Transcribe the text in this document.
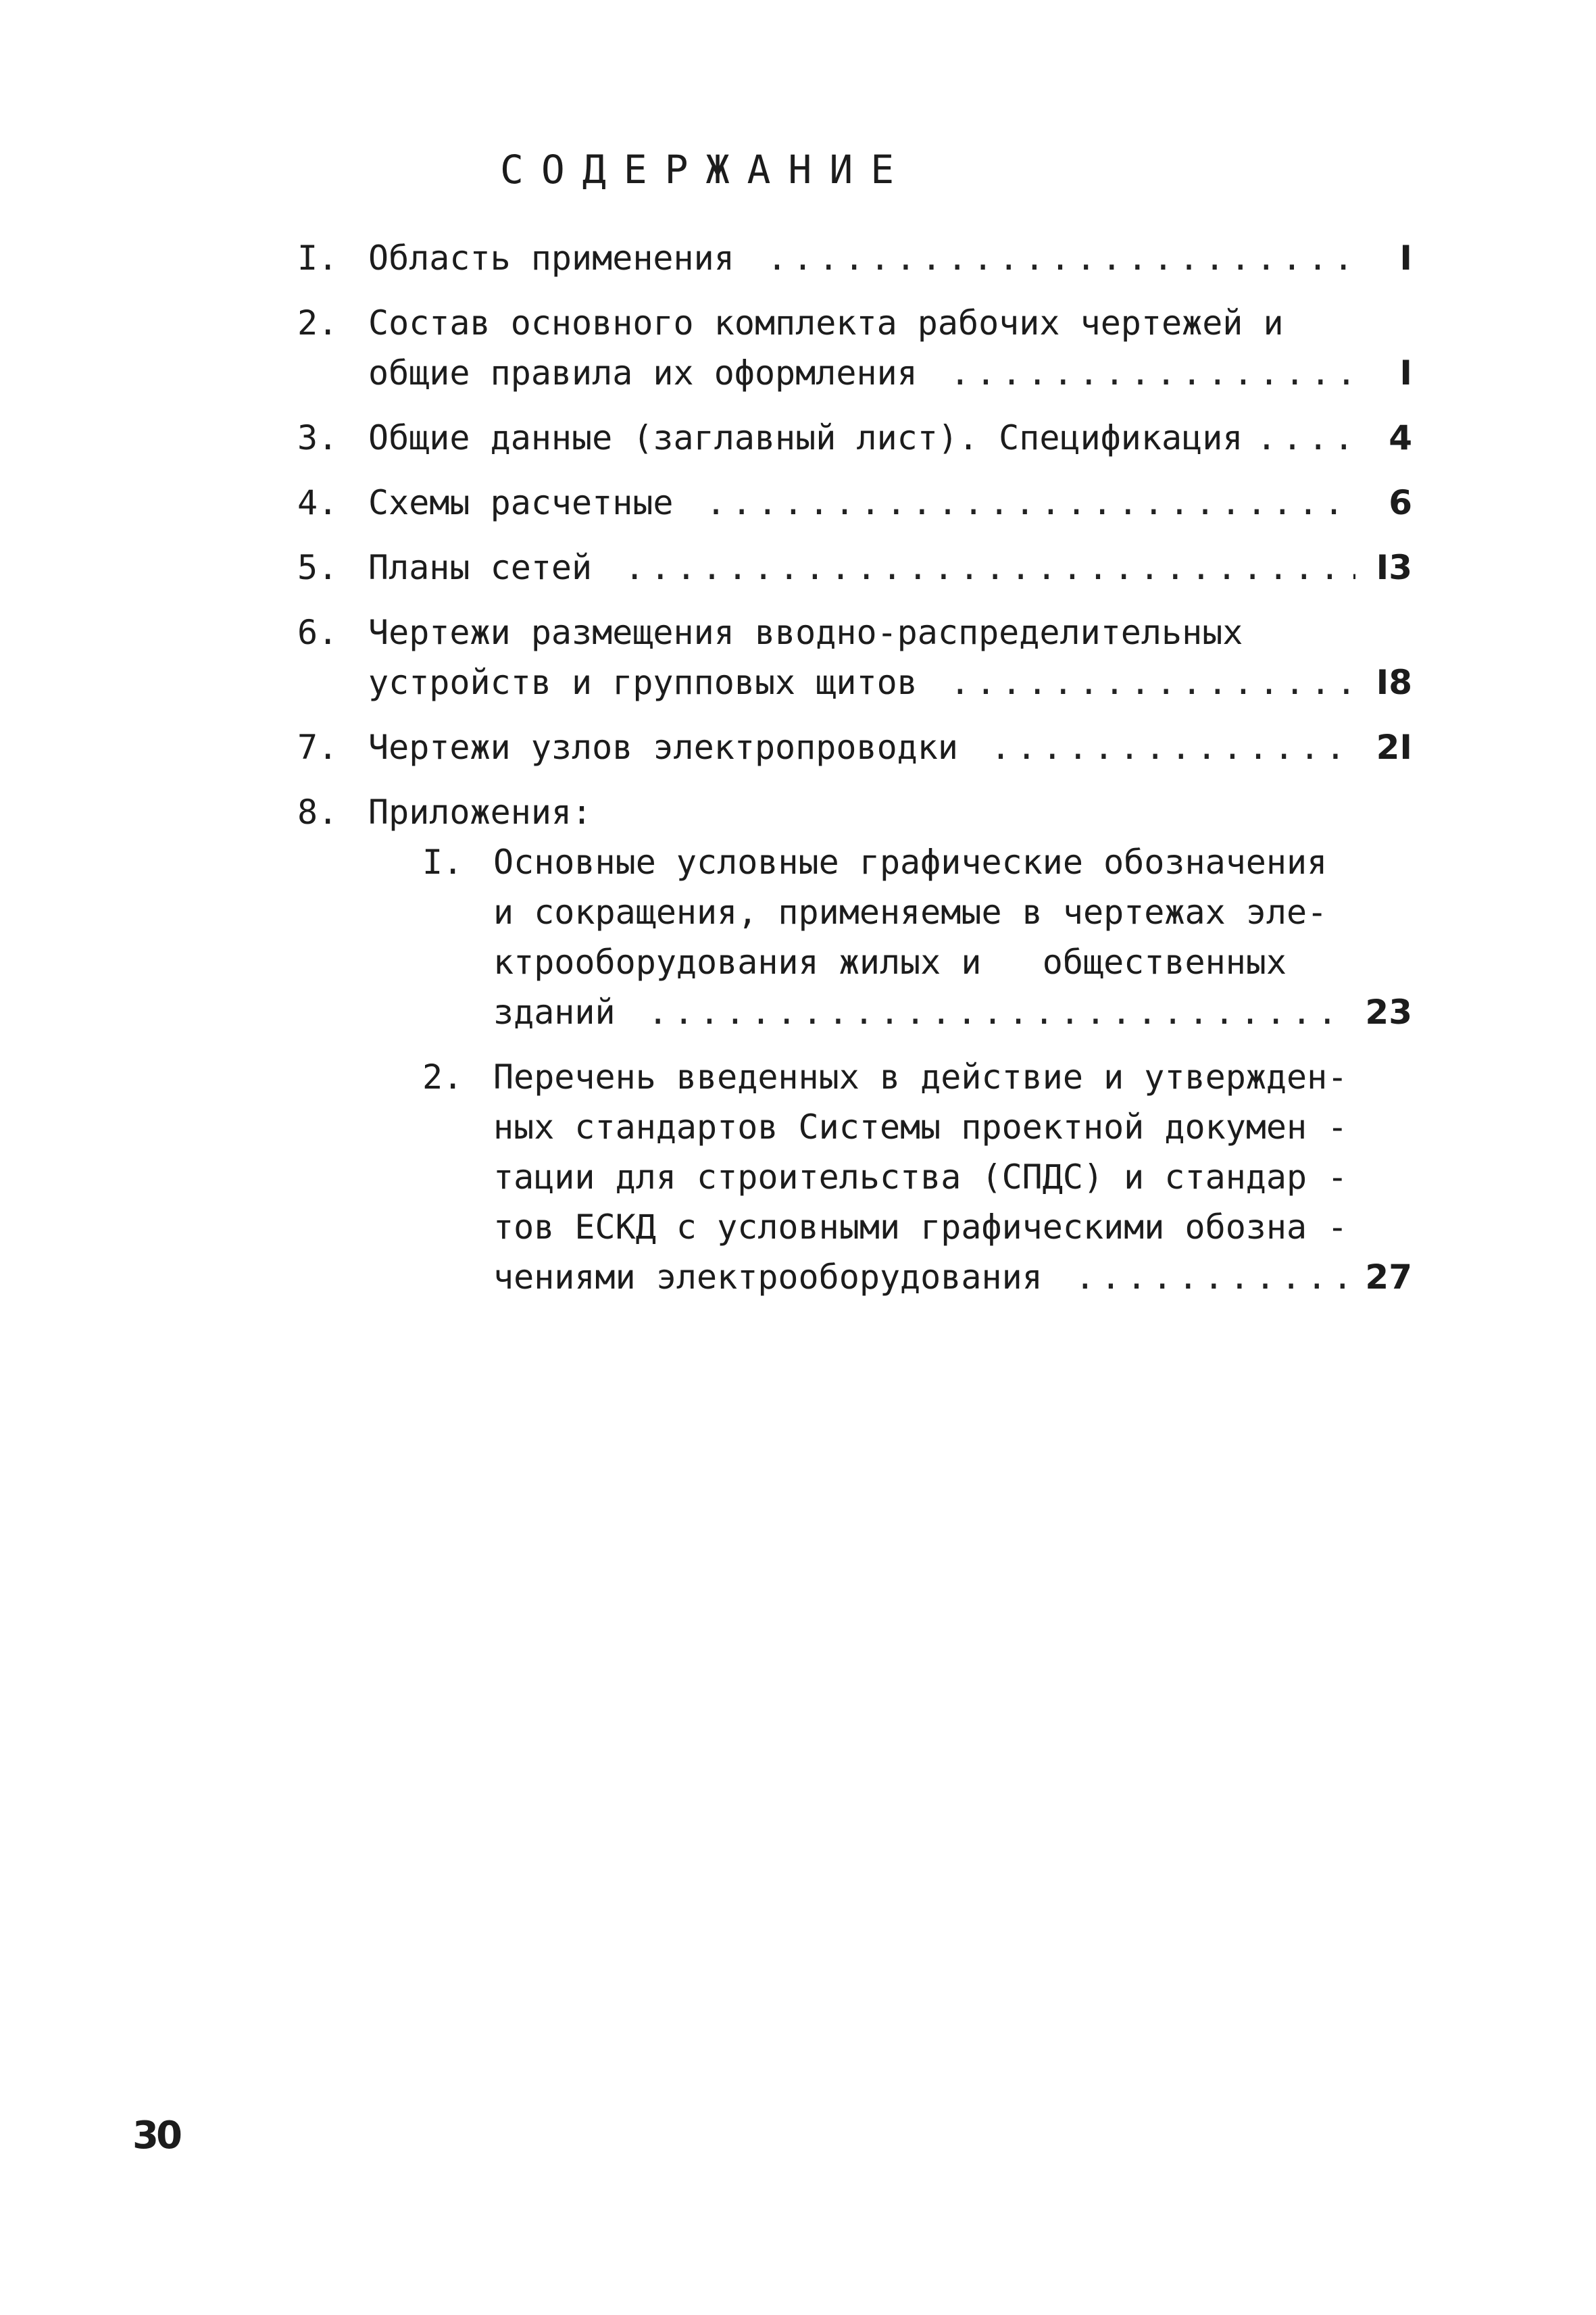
СОДЕРЖАНИЕ
I. Область применения .....	I
2. Состав основного комплекта рабочих чертежей и
общие правила их оформления .....	I
3. Общие данные (заглавный лист). Спецификация .....	4
4. Схемы расчетные .....	6
5. Планы сетей .....	I3
6. Чертежи размещения вводно-распределительных
устройств и групповых щитов .....	I8
7. Чертежи узлов электропроводки .....	2I
8. Приложения:
I. Основные условные графические обозначения
и сокращения, применяемые в чертежах эле-
ктрооборудования жилых и   общественных
зданий .....	23
2. Перечень введенных в действие и утвержден-
ных стандартов Системы проектной докумен -
тации для строительства (СПДС) и стандар -
тов ЕСКД с условными графическими обозна -
чениями электрооборудования .....	27
30
